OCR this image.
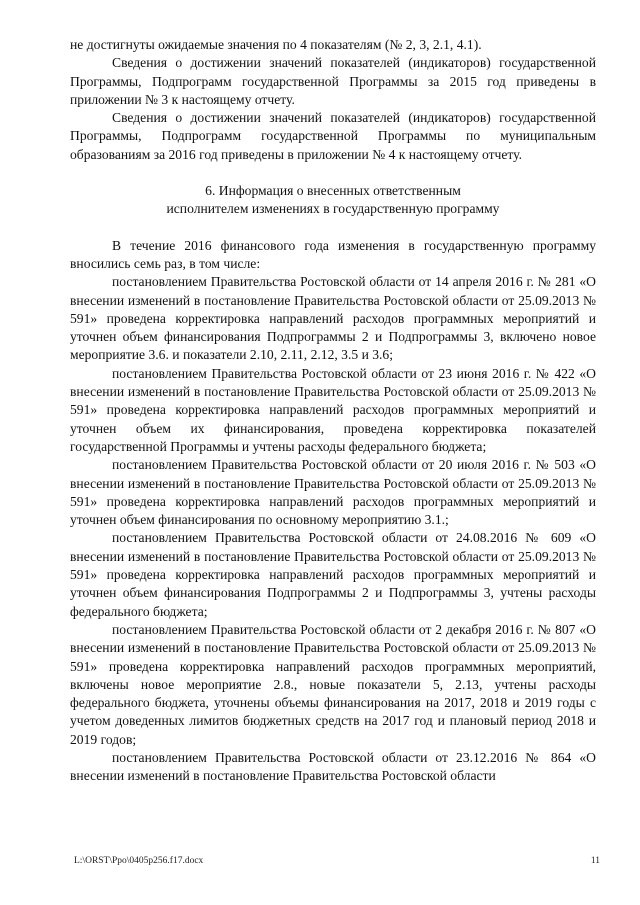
не достигнуты ожидаемые значения по 4 показателям (№ 2, 3, 2.1, 4.1).

Сведения о достижении значений показателей (индикаторов) государственной Программы, Подпрограмм государственной Программы за 2015 год приведены в приложении № 3 к настоящему отчету.

Сведения о достижении значений показателей (индикаторов) государственной Программы, Подпрограмм государственной Программы по муниципальным образованиям за 2016 год приведены в приложении № 4 к настоящему отчету.

6. Информация о внесенных ответственным
исполнителем изменениях в государственную программу

В течение 2016 финансового года изменения в государственную программу вносились семь раз, в том числе:

постановлением Правительства Ростовской области от 14 апреля 2016 г. № 281 «О внесении изменений в постановление Правительства Ростовской области от 25.09.2013 № 591» проведена корректировка направлений расходов программных мероприятий и уточнен объем финансирования Подпрограммы 2 и Подпрограммы 3, включено новое мероприятие 3.6. и показатели 2.10, 2.11, 2.12, 3.5 и 3.6;

постановлением Правительства Ростовской области от 23 июня 2016 г. № 422 «О внесении изменений в постановление Правительства Ростовской области от 25.09.2013 № 591» проведена корректировка направлений расходов программных мероприятий и уточнен объем их финансирования, проведена корректировка показателей государственной Программы и учтены расходы федерального бюджета;

постановлением Правительства Ростовской области от 20 июля 2016 г. № 503 «О внесении изменений в постановление Правительства Ростовской области от 25.09.2013 № 591» проведена корректировка направлений расходов программных мероприятий и уточнен объем финансирования по основному мероприятию 3.1.;

постановлением Правительства Ростовской области от 24.08.2016 № 609 «О внесении изменений в постановление Правительства Ростовской области от 25.09.2013 № 591» проведена корректировка направлений расходов программных мероприятий и уточнен объем финансирования Подпрограммы 2 и Подпрограммы 3, учтены расходы федерального бюджета;

постановлением Правительства Ростовской области от 2 декабря 2016 г. № 807 «О внесении изменений в постановление Правительства Ростовской области от 25.09.2013 № 591» проведена корректировка направлений расходов программных мероприятий, включены новое мероприятие 2.8., новые показатели 5, 2.13, учтены расходы федерального бюджета, уточнены объемы финансирования на 2017, 2018 и 2019 годы с учетом доведенных лимитов бюджетных средств на 2017 год и плановый период 2018 и 2019 годов;

постановлением Правительства Ростовской области от 23.12.2016 № 864 «О внесении изменений в постановление Правительства Ростовской области

L:\ORST\Ppo\0405p256.f17.docx	11
